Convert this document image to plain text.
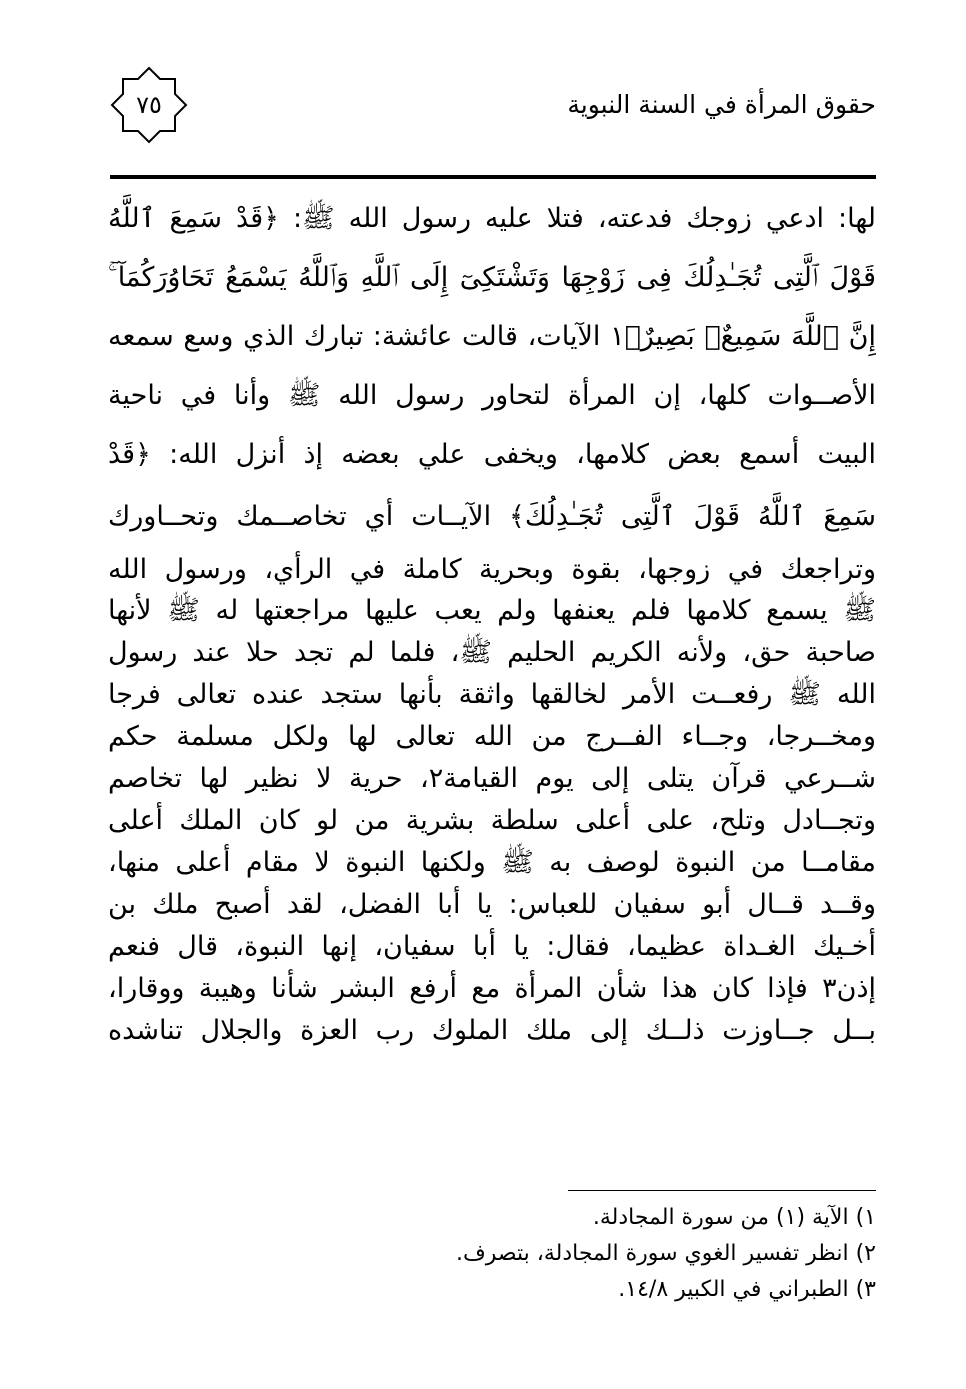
حقوق المرأة في السنة النبوية
٧٥
لها: ادعي زوجك فدعته، فتلا عليه رسول الله ﷺ: ﴿قَدْ سَمِعَ ٱللَّهُ
قَوْلَ ٱلَّتِى تُجَـٰدِلُكَ فِى زَوْجِهَا وَتَشْتَكِىٓ إِلَى ٱللَّهِ وَٱللَّهُ يَسْمَعُ تَحَاوُرَكُمَآ ۚ
إِنَّ ٱللَّهَ سَمِيعٌۢ بَصِيرٌ﴾١ الآيات، قالت عائشة: تبارك الذي وسع سمعه
الأصــوات كلها، إن المرأة لتحاور رسول الله ﷺ وأنا في ناحية
البيت أسمع بعض كلامها، ويخفى علي بعضه إذ أنزل الله: ﴿قَدْ
سَمِعَ ٱللَّهُ قَوْلَ ٱلَّتِى تُجَـٰدِلُكَ﴾ الآيــات أي تخاصــمك وتحــاورك
وتراجعك في زوجها، بقوة وبحرية كاملة في الرأي، ورسول الله
ﷺ يسمع كلامها فلم يعنفها ولم يعب عليها مراجعتها له ﷺ لأنها
صاحبة حق، ولأنه الكريم الحليم ﷺ، فلما لم تجد حلا عند رسول
الله ﷺ رفعــت الأمر لخالقها واثقة بأنها ستجد عنده تعالى فرجا
ومخــرجا، وجــاء الفــرج من الله تعالى لها ولكل مسلمة حكم
شــرعي قرآن يتلى إلى يوم القيامة٢، حرية لا نظير لها تخاصم
وتجــادل وتلح، على أعلى سلطة بشرية من لو كان الملك أعلى
مقامــا من النبوة لوصف به ﷺ ولكنها النبوة لا مقام أعلى منها،
وقــد قــال أبو سفيان للعباس: يا أبا الفضل، لقد أصبح ملك بن
أخـيك الغـداة عظيما، فقال: يا أبا سفيان، إنها النبوة، قال فنعم
إذن٣ فإذا كان هذا شأن المرأة مع أرفع البشر شأنا وهيبة ووقارا،
بــل جــاوزت ذلــك إلى ملك الملوك رب العزة والجلال تناشده
١) الآية (١) من سورة المجادلة.
٢) انظر تفسير الغوي سورة المجادلة، بتصرف.
٣) الطبراني في الكبير ١٤/٨.
